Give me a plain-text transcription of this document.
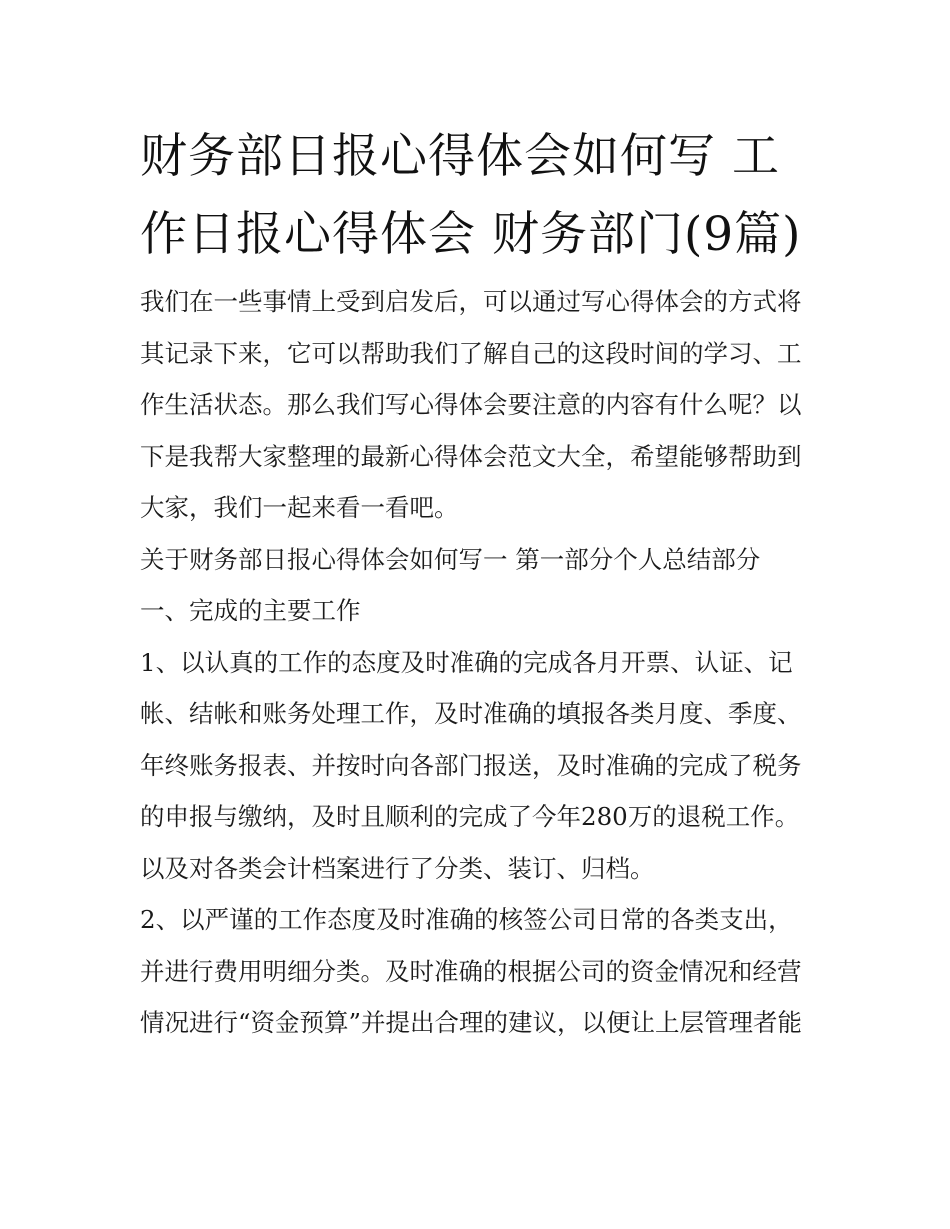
财务部日报心得体会如何写 工作日报心得体会 财务部门(9篇)

我们在一些事情上受到启发后，可以通过写心得体会的方式将其记录下来，它可以帮助我们了解自己的这段时间的学习、工作生活状态。那么我们写心得体会要注意的内容有什么呢？以下是我帮大家整理的最新心得体会范文大全，希望能够帮助到大家，我们一起来看一看吧。

关于财务部日报心得体会如何写一 第一部分个人总结部分

一、完成的主要工作

1、以认真的工作的态度及时准确的完成各月开票、认证、记帐、结帐和账务处理工作，及时准确的填报各类月度、季度、年终账务报表、并按时向各部门报送，及时准确的完成了税务的申报与缴纳，及时且顺利的完成了今年280万的退税工作。以及对各类会计档案进行了分类、装订、归档。

2、以严谨的工作态度及时准确的核签公司日常的各类支出，并进行费用明细分类。及时准确的根据公司的资金情况和经营情况进行“资金预算”并提出合理的建议，以便让上层管理者能
